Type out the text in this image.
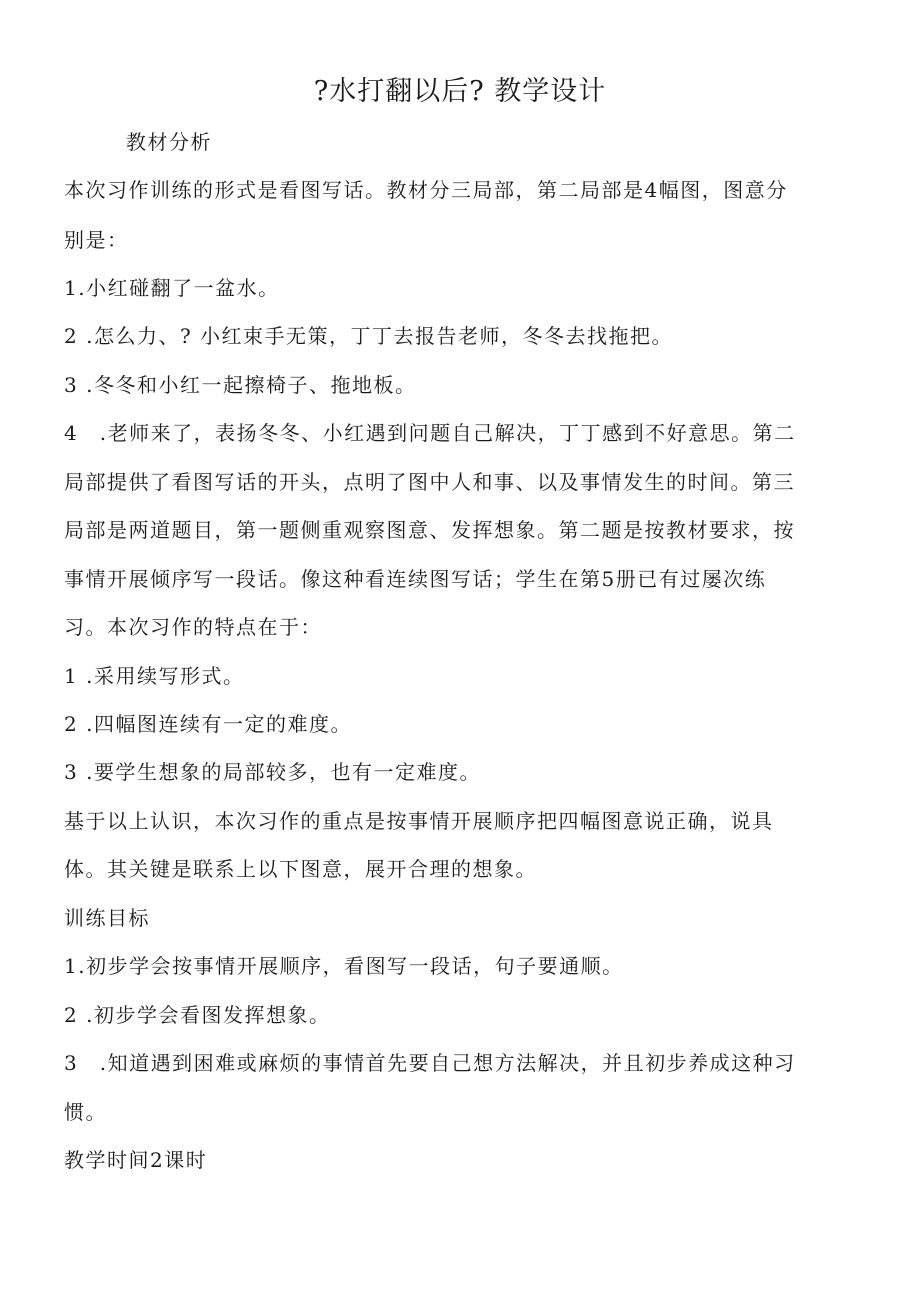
?水打翻以后? 教学设计

教材分析

本次习作训练的形式是看图写话。教材分三局部，第二局部是4幅图，图意分

别是：

1.小红碰翻了一盆水。

2 .怎么力、? 小红束手无策，丁丁去报告老师，冬冬去找拖把。

3 .冬冬和小红一起擦椅子、拖地板。

4　.老师来了，表扬冬冬、小红遇到问题自己解决，丁丁感到不好意思。第二

局部提供了看图写话的开头，点明了图中人和事、以及事情发生的时间。第三

局部是两道题目，第一题侧重观察图意、发挥想象。第二题是按教材要求，按

事情开展倾序写一段话。像这种看连续图写话；学生在第5册已有过屡次练

习。本次习作的特点在于：

1 .采用续写形式。

2 .四幅图连续有一定的难度。

3 .要学生想象的局部较多，也有一定难度。

基于以上认识，本次习作的重点是按事情开展顺序把四幅图意说正确，说具

体。其关键是联系上以下图意，展开合理的想象。

训练目标

1.初步学会按事情开展顺序，看图写一段话，句子要通顺。

2 .初步学会看图发挥想象。

3　.知道遇到困难或麻烦的事情首先要自己想方法解决，并且初步养成这种习

惯。

教学时间2课时
